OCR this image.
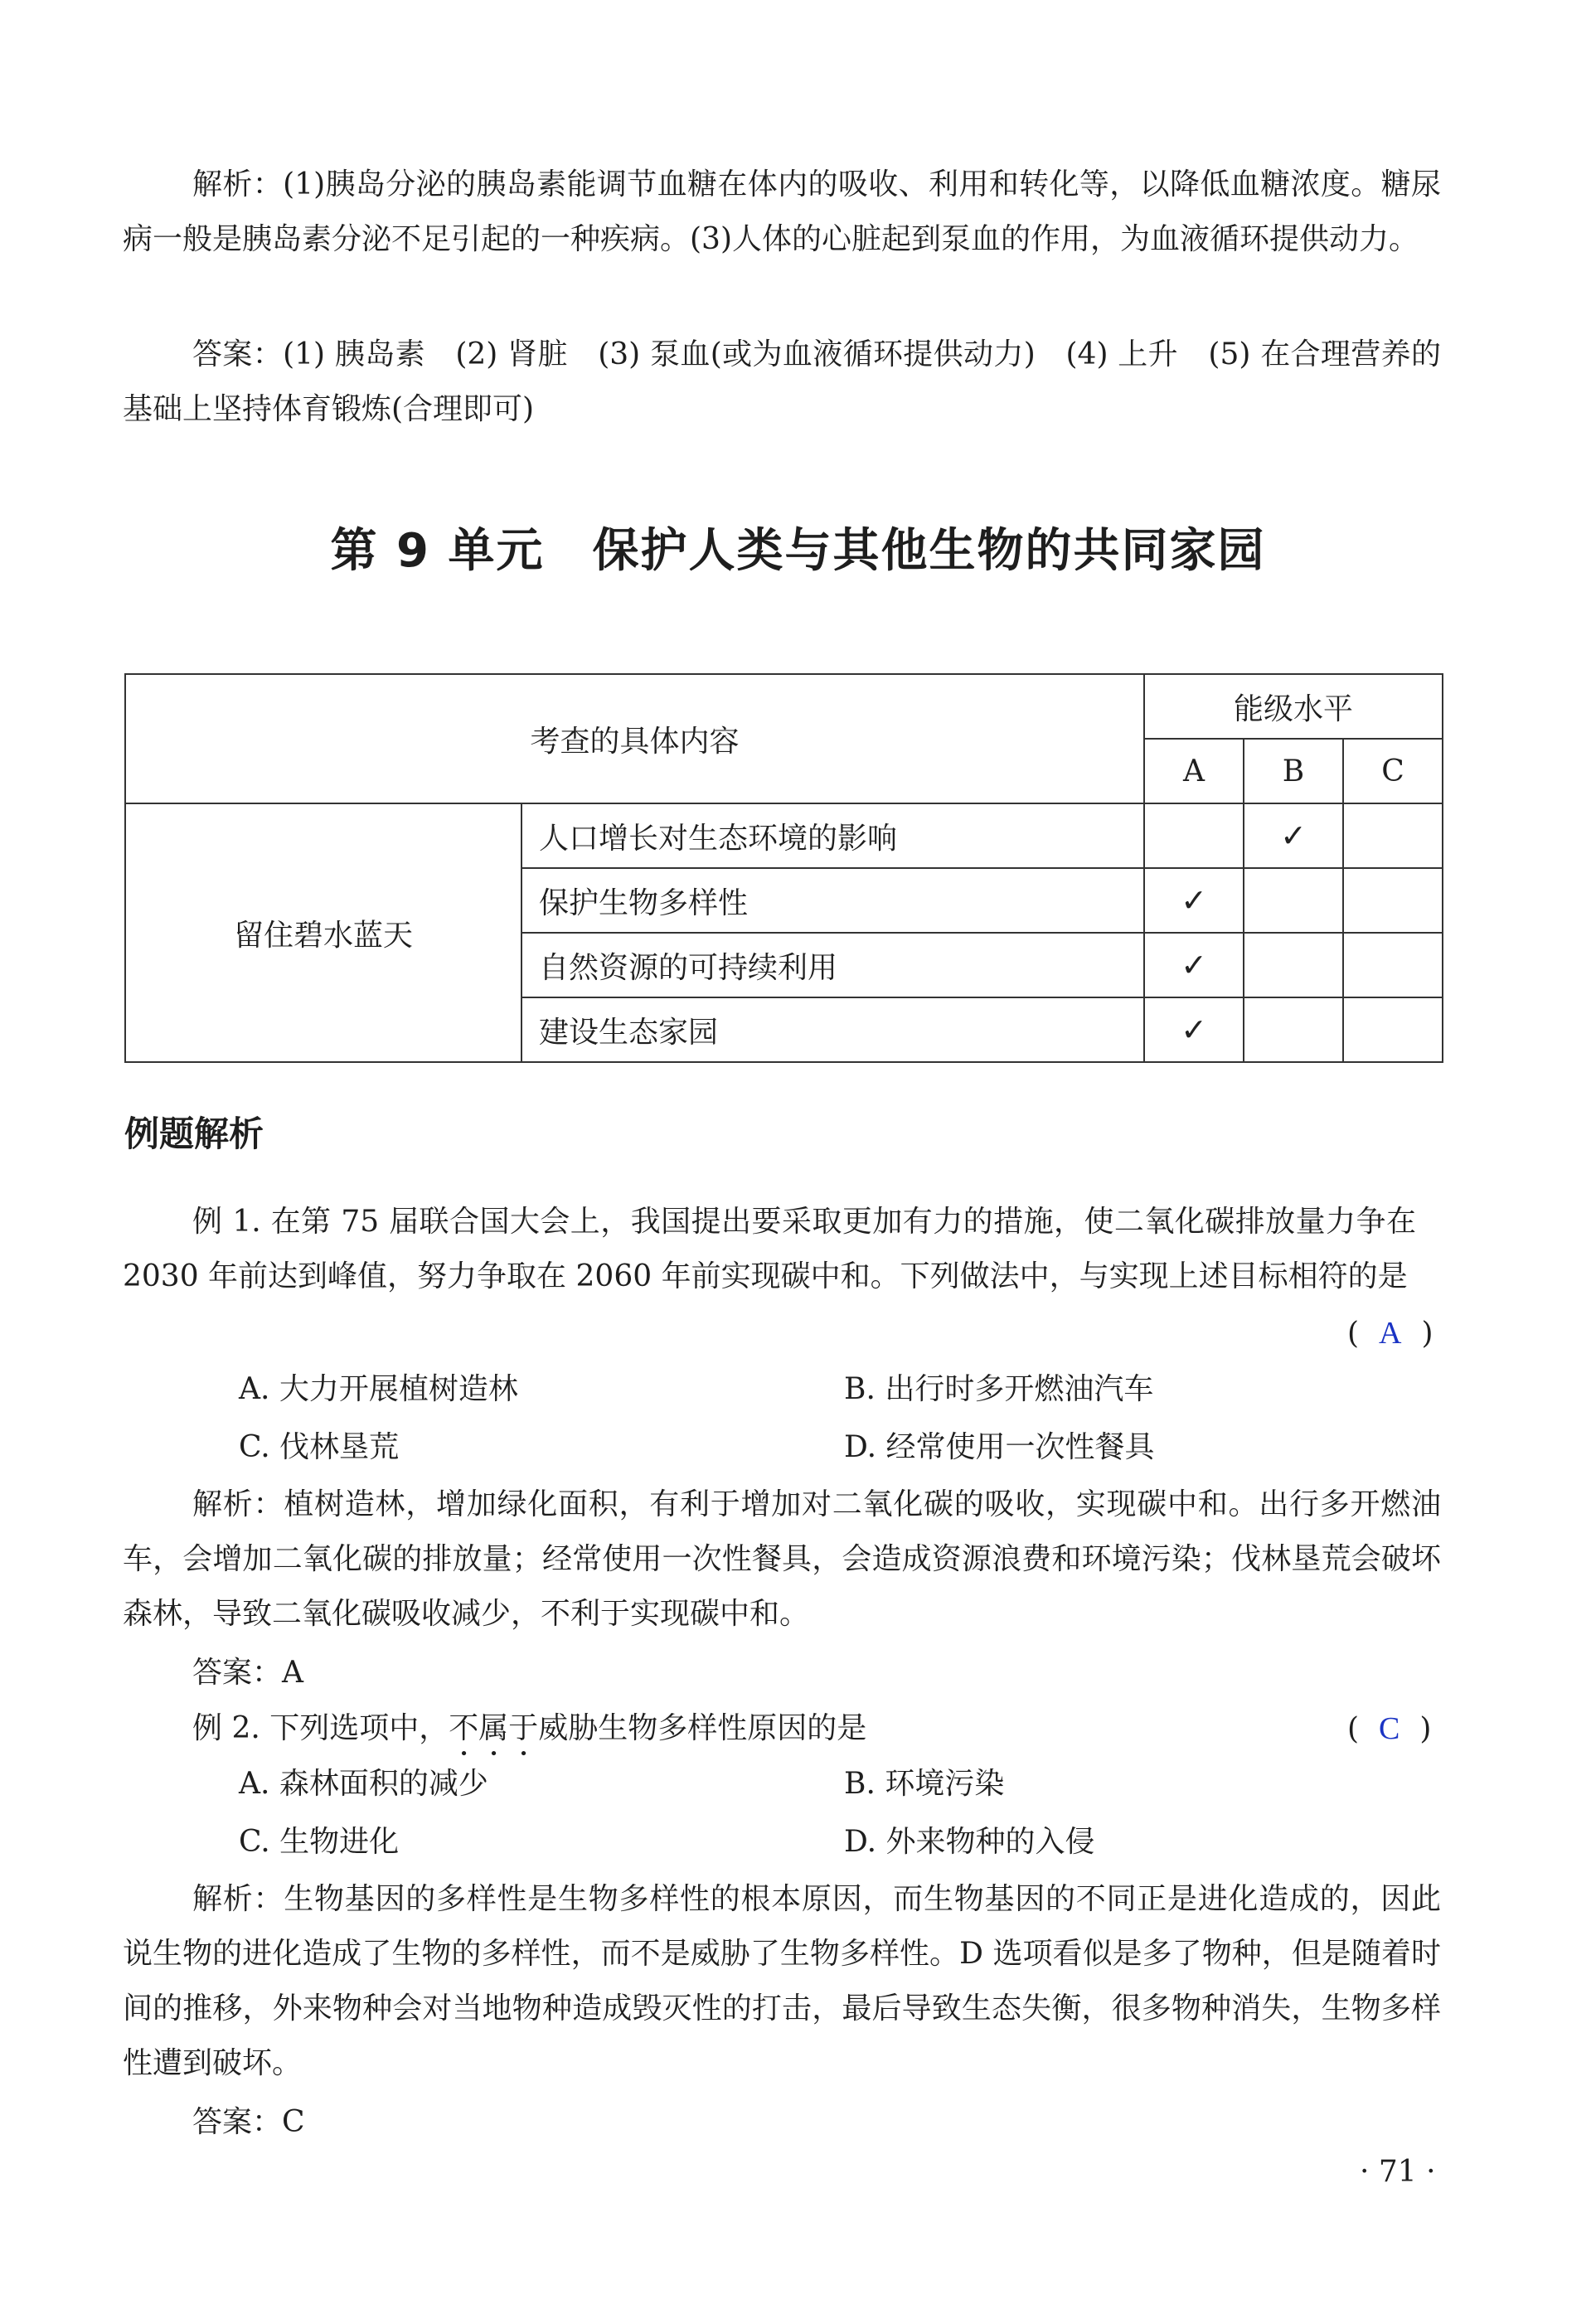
解析：(1)胰岛分泌的胰岛素能调节血糖在体内的吸收、利用和转化等，以降低血糖浓度。糖尿病一般是胰岛素分泌不足引起的一种疾病。(3)人体的心脏起到泵血的作用，为血液循环提供动力。

答案：(1) 胰岛素　(2) 肾脏　(3) 泵血(或为血液循环提供动力)　(4) 上升　(5) 在合理营养的基础上坚持体育锻炼(合理即可)

第 9 单元　保护人类与其他生物的共同家园
考查的具体内容		能级水平		
		A	B	C
留住碧水蓝天	人口增长对生态环境的影响		✓	
	保护生物多样性	✓		
	自然资源的可持续利用	✓		
	建设生态家园	✓		
例题解析

例 1. 在第 75 届联合国大会上，我国提出要采取更加有力的措施，使二氧化碳排放量力争在 2030 年前达到峰值，努力争取在 2060 年前实现碳中和。下列做法中，与实现上述目标相符的是

( A )
A. 大力开展植树造林	B. 出行时多开燃油汽车
C. 伐林垦荒	D. 经常使用一次性餐具

解析：植树造林，增加绿化面积，有利于增加对二氧化碳的吸收，实现碳中和。出行多开燃油车，会增加二氧化碳的排放量；经常使用一次性餐具，会造成资源浪费和环境污染；伐林垦荒会破坏森林，导致二氧化碳吸收减少，不利于实现碳中和。

答案：A
例 2. 下列选项中，不属于威胁生物多样性原因的是	( C )
A. 森林面积的减少	B. 环境污染
C. 生物进化	D. 外来物种的入侵

解析：生物基因的多样性是生物多样性的根本原因，而生物基因的不同正是进化造成的，因此说生物的进化造成了生物的多样性，而不是威胁了生物多样性。D 选项看似是多了物种，但是随着时间的推移，外来物种会对当地物种造成毁灭性的打击，最后导致生态失衡，很多物种消失，生物多样性遭到破坏。

答案：C
· 71 ·
